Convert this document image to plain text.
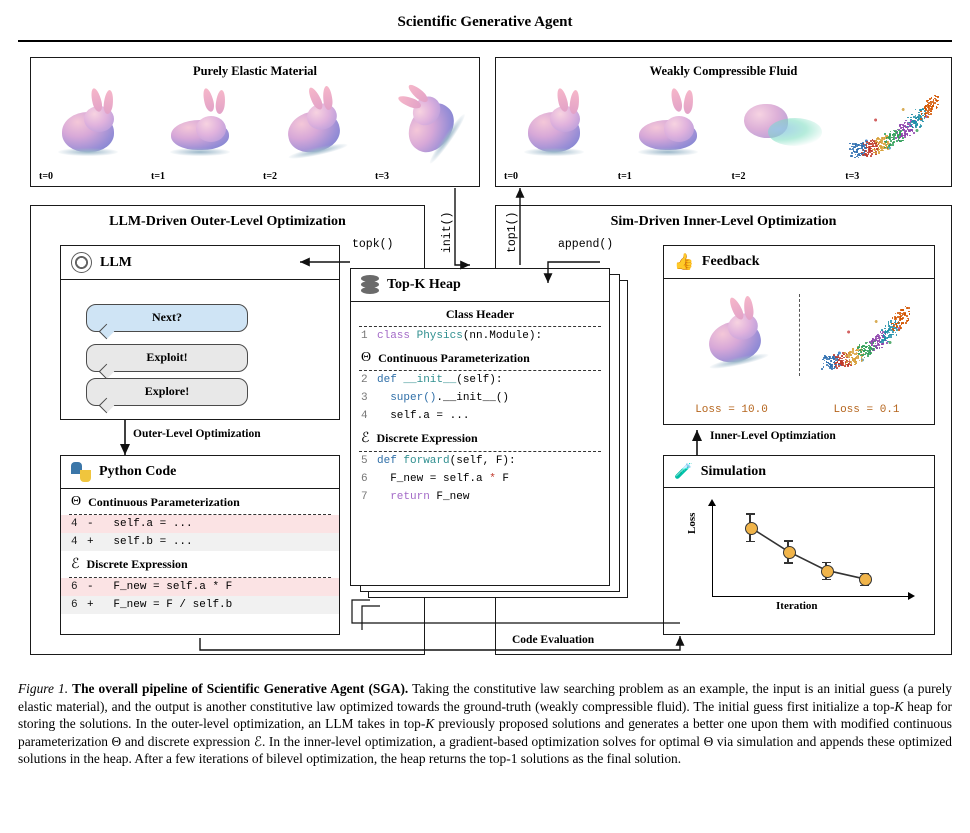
Scientific Generative Agent
Purely Elastic Material
t=0	t=1	t=2	t=3
Weakly Compressible Fluid
t=0	t=1	t=2	t=3
LLM-Driven Outer-Level Optimization	Sim-Driven Inner-Level Optimization
LLM
Next?
Exploit!
Explore!
Python Code
Θ Continuous Parameterization
4 - self.a = ...
4 + self.b = ...
ℰ Discrete Expression
6 - F_new = self.a * F
6 + F_new = F / self.b
Top-K Heap
Class Header
1 class Physics(nn.Module):
Θ Continuous Parameterization
2 def __init__(self):
3  super().__init__()
4  self.a = ...
ℰ Discrete Expression
5 def forward(self, F):
6  F_new = self.a * F
7  return F_new
👍 Feedback
Loss = 10.0	Loss = 0.1
🧪 Simulation
Loss
Iteration
topk()	init()	top1()	append()
Outer-Level Optimization	Inner-Level Optimziation
Code Evaluation
Figure 1. The overall pipeline of Scientific Generative Agent (SGA). Taking the constitutive law searching problem as an example, the input is an initial guess (a purely elastic material), and the output is another constitutive law optimized towards the ground-truth (weakly compressible fluid). The initial guess first initialize a top-K heap for storing the solutions. In the outer-level optimization, an LLM takes in top-K previously proposed solutions and generates a better one upon them with modified continuous parameterization Θ and discrete expression ℰ. In the inner-level optimization, a gradient-based optimization solves for optimal Θ via simulation and appends these optimized solutions in the heap. After a few iterations of bilevel optimization, the heap returns the top-1 solutions as the final solution.
